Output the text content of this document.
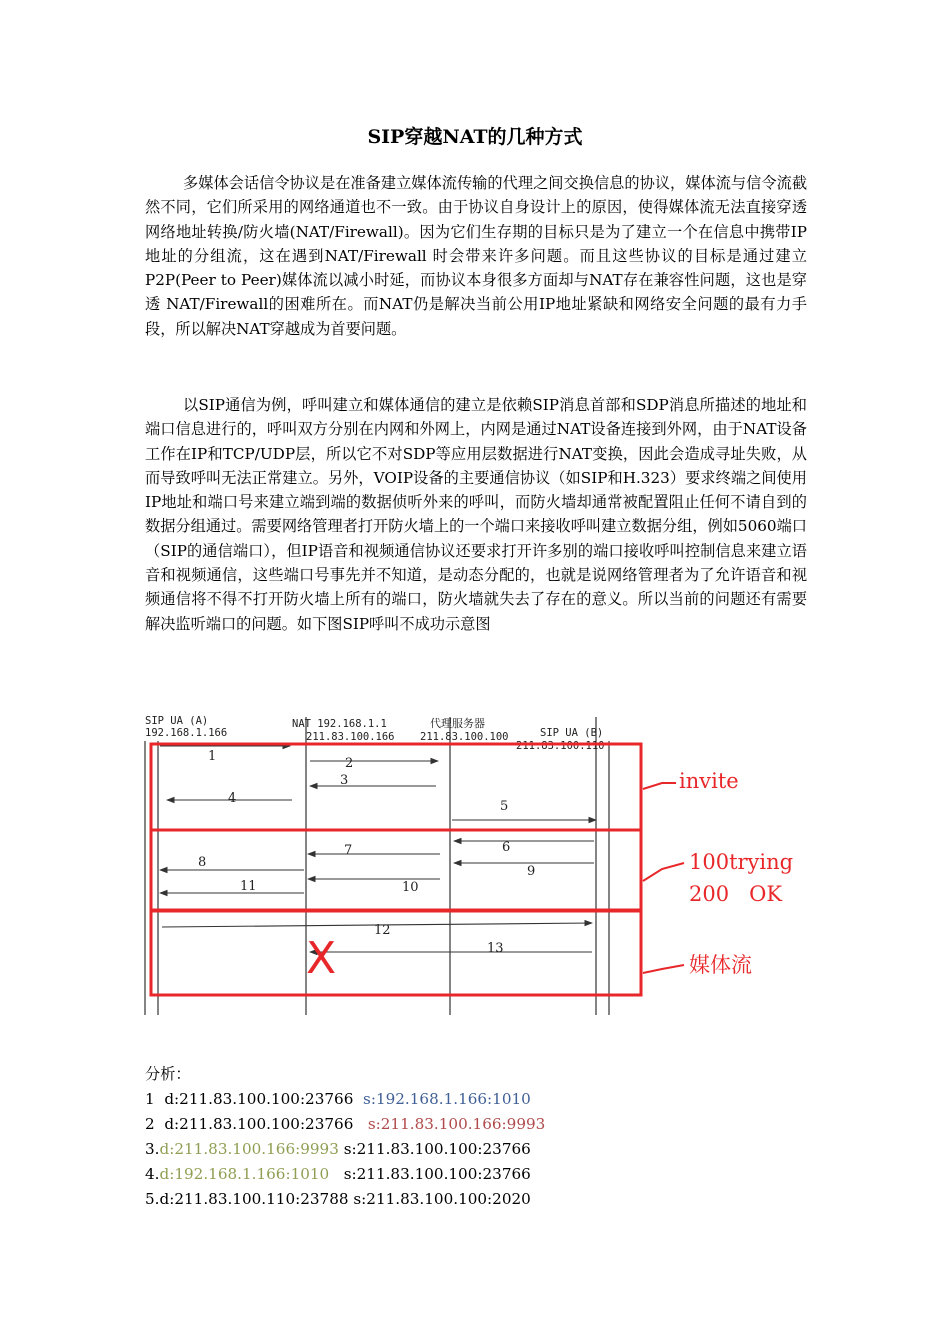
SIP穿越NAT的几种方式

多媒体会话信令协议是在准备建立媒体流传输的代理之间交换信息的协议，媒体流与信令流截然不同，它们所采用的网络通道也不一致。由于协议自身设计上的原因，使得媒体流无法直接穿透网络地址转换/防火墙(NAT/Firewall)。因为它们生存期的目标只是为了建立一个在信息中携带IP地址的分组流，这在遇到NAT/Firewall 时会带来许多问题。而且这些协议的目标是通过建立P2P(Peer to Peer)媒体流以减小时延，而协议本身很多方面却与NAT存在兼容性问题，这也是穿透 NAT/Firewall的困难所在。而NAT仍是解决当前公用IP地址紧缺和网络安全问题的最有力手段，所以解决NAT穿越成为首要问题。

以SIP通信为例，呼叫建立和媒体通信的建立是依赖SIP消息首部和SDP消息所描述的地址和端口信息进行的，呼叫双方分别在内网和外网上，内网是通过NAT设备连接到外网，由于NAT设备工作在IP和TCP/UDP层，所以它不对SDP等应用层数据进行NAT变换，因此会造成寻址失败，从而导致呼叫无法正常建立。另外，VOIP设备的主要通信协议（如SIP和H.323）要求终端之间使用IP地址和端口号来建立端到端的数据侦听外来的呼叫，而防火墙却通常被配置阻止任何不请自到的数据分组通过。需要网络管理者打开防火墙上的一个端口来接收呼叫建立数据分组，例如5060端口（SIP的通信端口），但IP语音和视频通信协议还要求打开许多别的端口接收呼叫控制信息来建立语音和视频通信，这些端口号事先并不知道，是动态分配的，也就是说网络管理者为了允许语音和视频通信将不得不打开防火墙上所有的端口，防火墙就失去了存在的意义。所以当前的问题还有需要解决监听端口的问题。如下图SIP呼叫不成功示意图

SIP UA (A)
192.168.1.166
NAT 192.168.1.1
211.83.100.166
代理服务器
211.83.100.100	SIP UA (B)
211.83.100.110
1	2
3
4
5
6
7
8
9
10
11
12
13
X
invite
100trying
200   OK
媒体流
分析：
1  d:211.83.100.100:23766 s:192.168.1.166:1010
2  d:211.83.100.100:23766 s:211.83.100.166:9993
3.d:211.83.100.166:9993 s:211.83.100.100:23766
4.d:192.168.1.166:1010 s:211.83.100.100:23766
5.d:211.83.100.110:23788 s:211.83.100.100:2020
